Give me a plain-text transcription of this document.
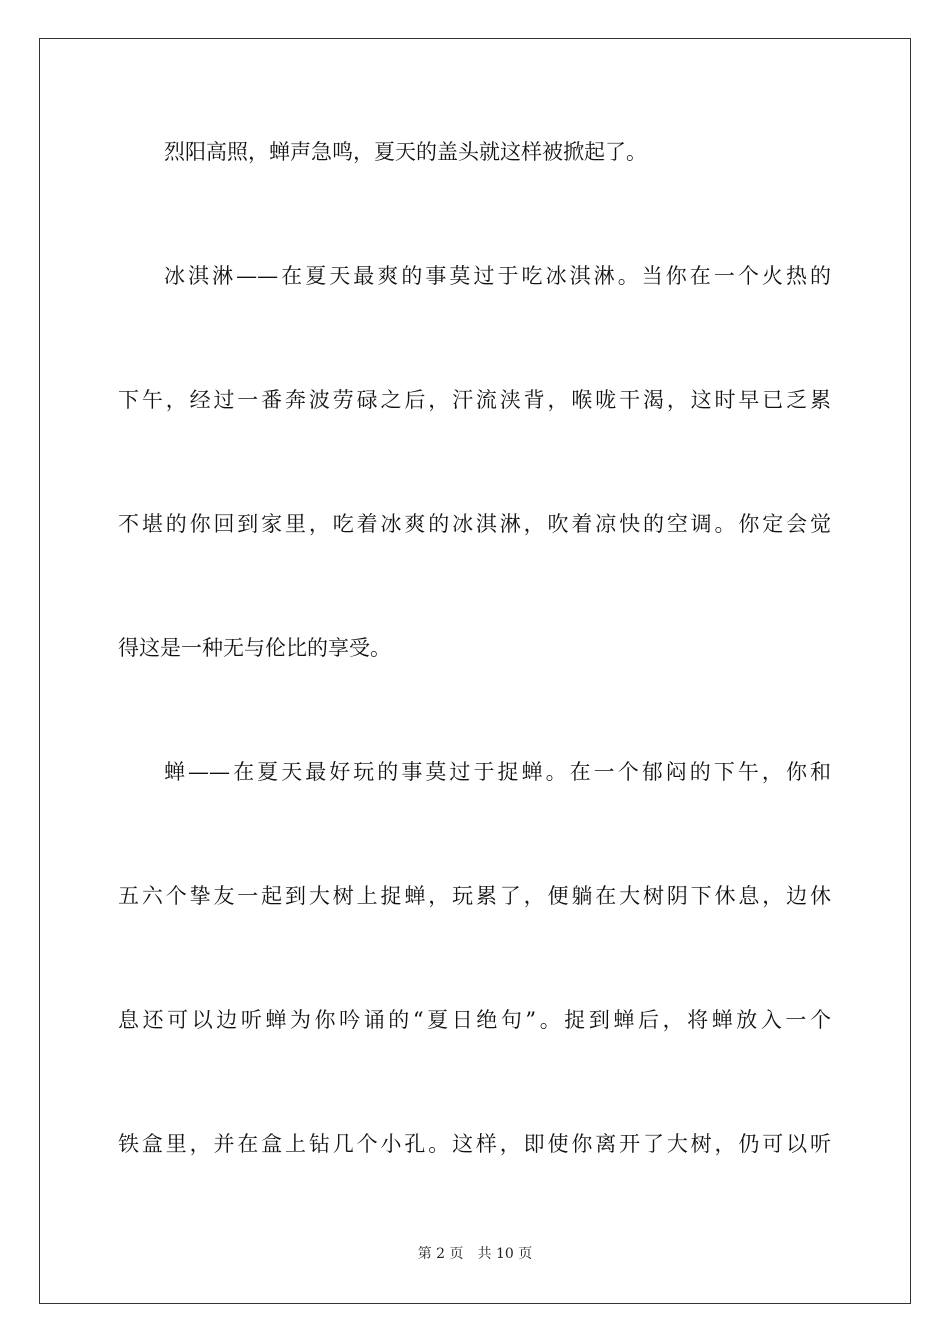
烈阳高照，蝉声急鸣，夏天的盖头就这样被掀起了。
冰淇淋——在夏天最爽的事莫过于吃冰淇淋。当你在一个火热的
下午，经过一番奔波劳碌之后，汗流浃背，喉咙干渴，这时早已乏累
不堪的你回到家里，吃着冰爽的冰淇淋，吹着凉快的空调。你定会觉
得这是一种无与伦比的享受。
蝉——在夏天最好玩的事莫过于捉蝉。在一个郁闷的下午，你和
五六个挚友一起到大树上捉蝉，玩累了，便躺在大树阴下休息，边休
息还可以边听蝉为你吟诵的“夏日绝句”。捉到蝉后，将蝉放入一个
铁盒里，并在盒上钻几个小孔。这样，即使你离开了大树，仍可以听
第 2 页 共 10 页
